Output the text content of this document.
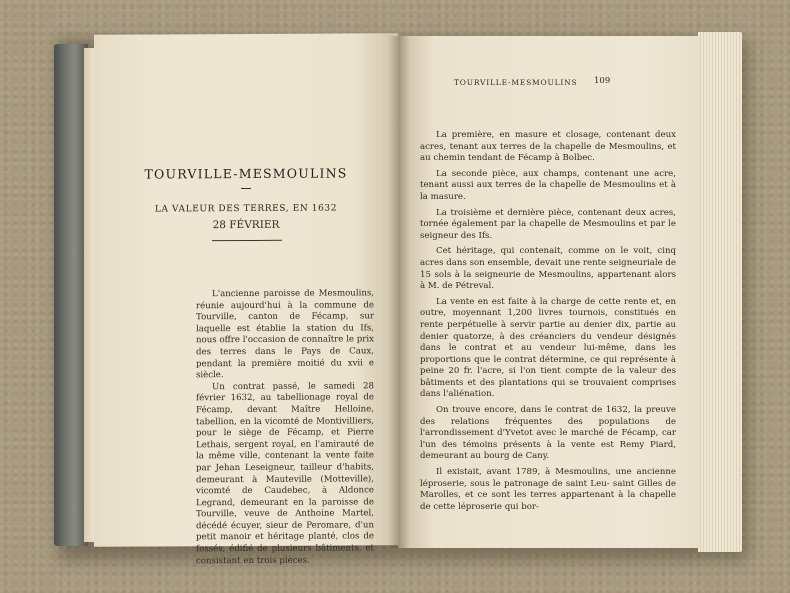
TOURVILLE-MESMOULINS
LA VALEUR DES TERRES, EN 1632
28 FÉVRIER

L'ancienne paroisse de Mesmoulins, réunie aujourd'hui à la commune de Tourville, canton de Fécamp, sur laquelle est établie la station du Ifs, nous offre l'occasion de connaître le prix des terres dans le Pays de Caux, pendant la première moitié du xvii e siècle.

Un contrat passé, le samedi 28 février 1632, au tabellionage royal de Fécamp, devant Maître Helloine, tabellion, en la vicomté de Montivilliers, pour le siège de Fécamp, et Pierre Lethais, sergent royal, en l'amirauté de la même ville, contenant la vente faite par Jehan Leseigneur, tailleur d'habits, demeurant à Mauteville (Motteville), vicomté de Caudebec, à Aldonce Legrand, demeurant en la paroisse de Tourville, veuve de Anthoine Martel, décédé écuyer, sieur de Peromare, d'un petit manoir et héritage planté, clos de fossés, édifié de plusieurs bâtiments, et consistant en trois pièces.

TOURVILLE-MESMOULINS 109

La première, en masure et closage, contenant deux acres, tenant aux terres de la chapelle de Mesmoulins, et au chemin tendant de Fécamp à Bolbec.

La seconde pièce, aux champs, contenant une acre, tenant aussi aux terres de la chapelle de Mesmoulins et à la masure.

La troisième et dernière pièce, contenant deux acres, tornée également par la chapelle de Mesmoulins et par le seigneur des Ifs.

Cet héritage, qui contenait, comme on le voit, cinq acres dans son ensemble, devait une rente seigneuriale de 15 sols à la seigneurie de Mesmoulins, appartenant alors à M. de Pétreval.

La vente en est faite à la charge de cette rente et, en outre, moyennant 1,200 livres tournois, constitués en rente perpétuelle à servir partie au denier dix, partie au denier quatorze, à des créanciers du vendeur désignés dans le contrat et au vendeur lui-même, dans les proportions que le contrat détermine, ce qui représente à peine 20 fr. l'acre, si l'on tient compte de la valeur des bâtiments et des plantations qui se trouvaient comprises dans l'aliénation.

On trouve encore, dans le contrat de 1632, la preuve des relations fréquentes des populations de l'arrondissement d'Yvetot avec le marché de Fécamp, car l'un des témoins présents à la vente est Remy Piard, demeurant au bourg de Cany.

Il existait, avant 1789, à Mesmoulins, une ancienne léproserie, sous le patronage de saint Leu- saint Gilles de Marolles, et ce sont les terres appartenant à la chapelle de cette léproserie qui bor-
